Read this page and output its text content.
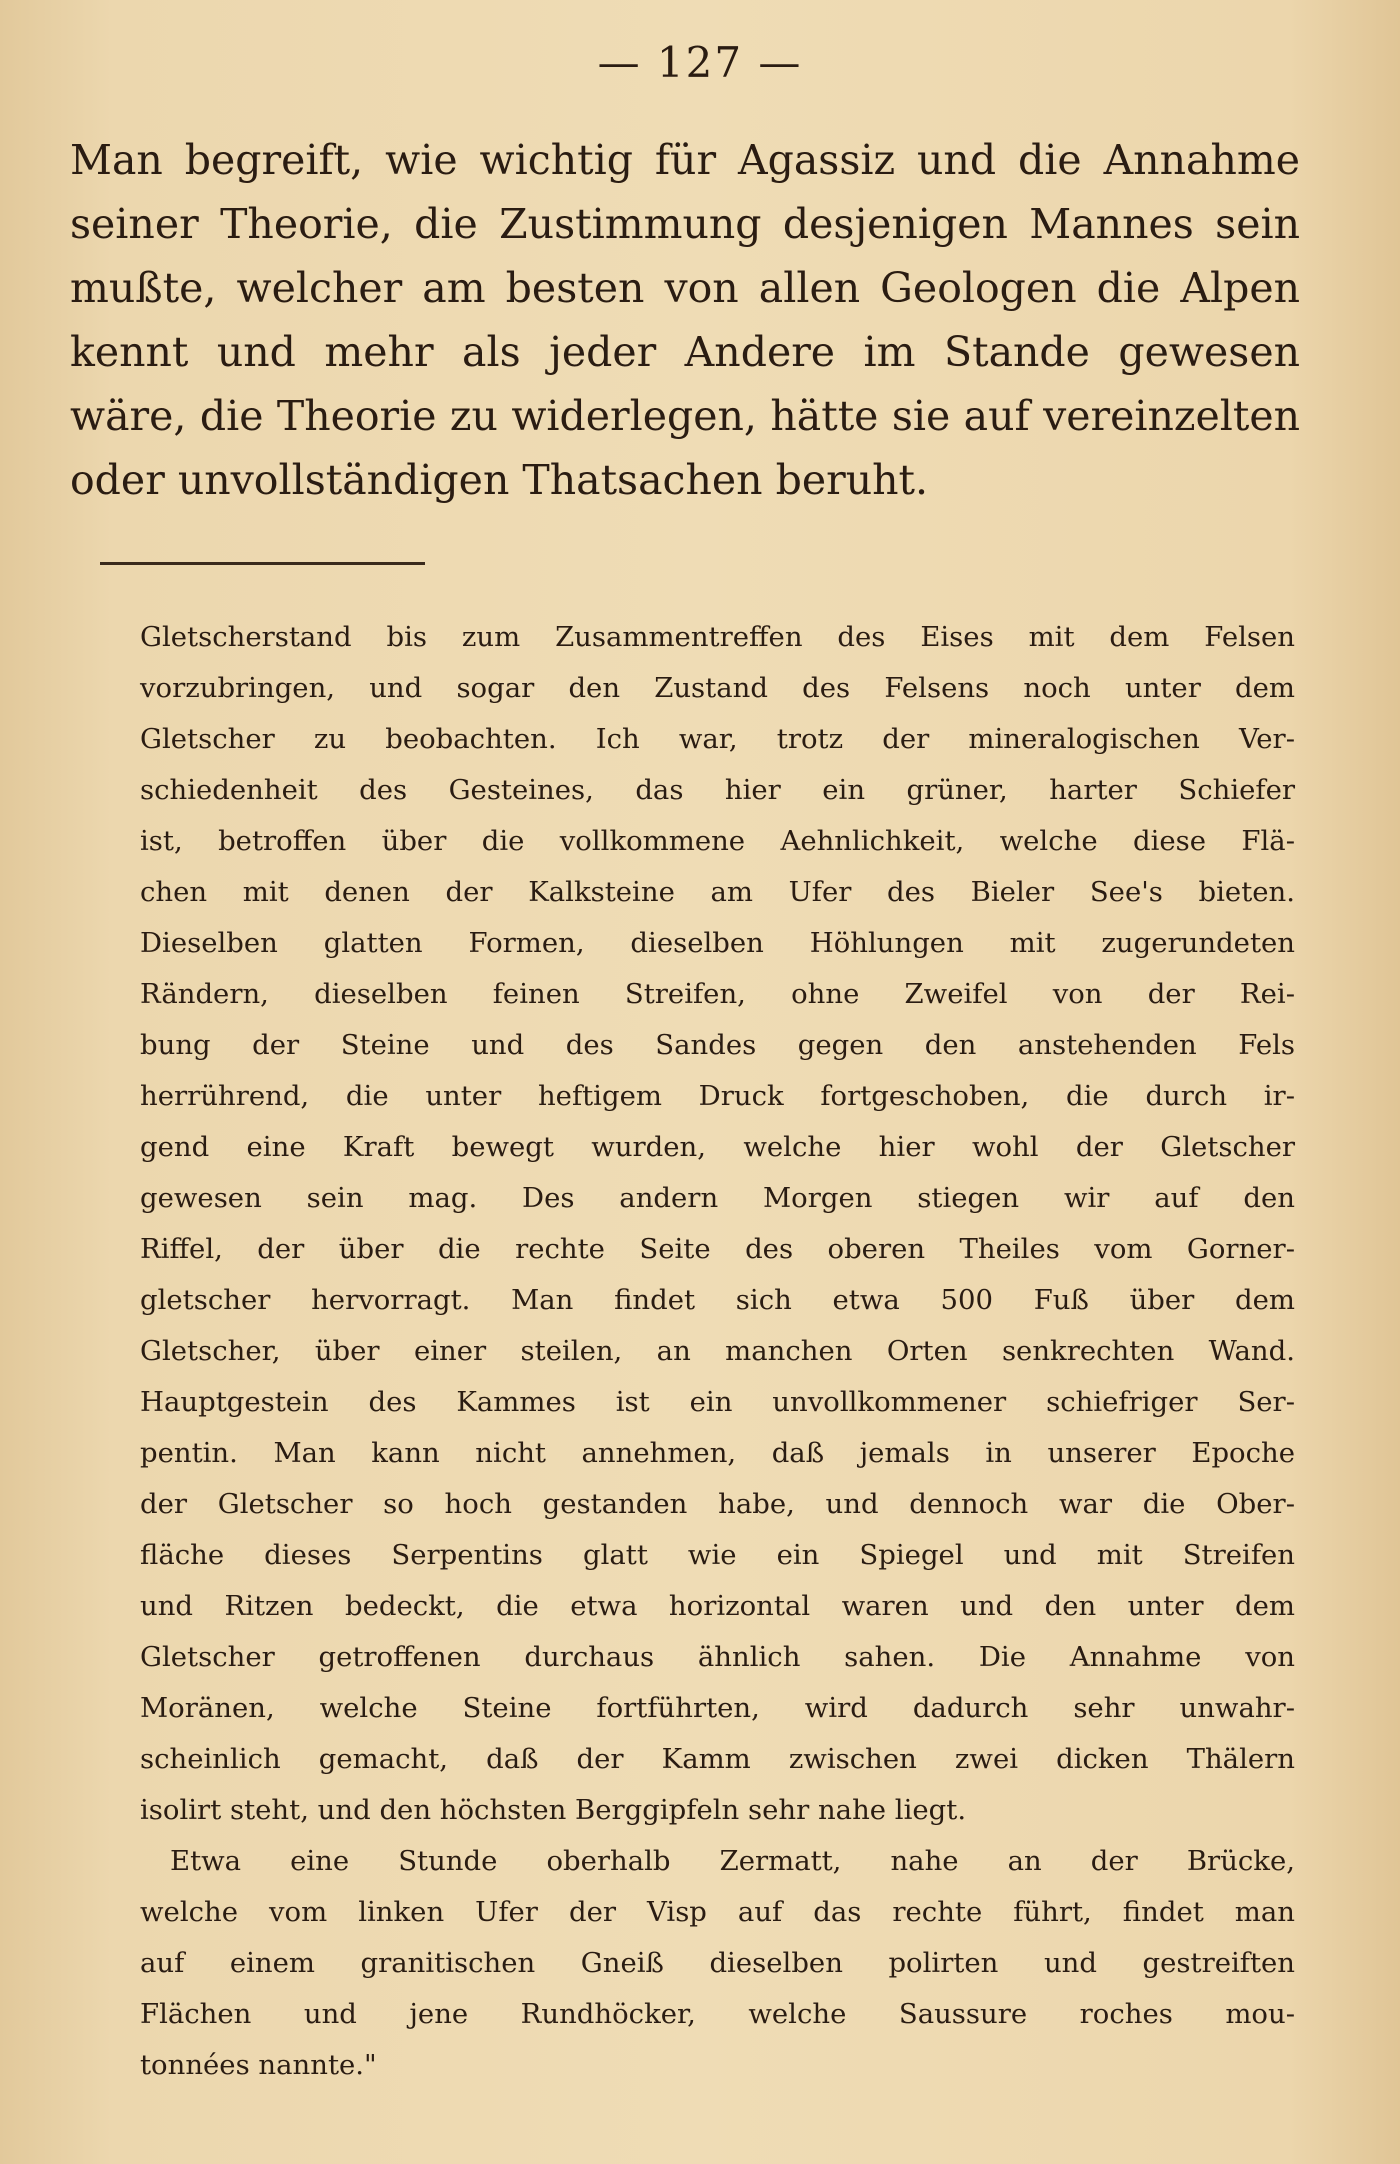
— 127 —
Man begreift, wie wichtig für Agassiz und die Annahme
seiner Theorie, die Zustimmung desjenigen Mannes sein
mußte, welcher am besten von allen Geologen die Alpen
kennt und mehr als jeder Andere im Stande gewesen
wäre, die Theorie zu widerlegen, hätte sie auf vereinzelten
oder unvollständigen Thatsachen beruht.
Gletscherstand bis zum Zusammentreffen des Eises mit dem Felsen
vorzubringen, und sogar den Zustand des Felsens noch unter dem
Gletscher zu beobachten. Ich war, trotz der mineralogischen Ver-
schiedenheit des Gesteines, das hier ein grüner, harter Schiefer
ist, betroffen über die vollkommene Aehnlichkeit, welche diese Flä-
chen mit denen der Kalksteine am Ufer des Bieler See's bieten.
Dieselben glatten Formen, dieselben Höhlungen mit zugerundeten
Rändern, dieselben feinen Streifen, ohne Zweifel von der Rei-
bung der Steine und des Sandes gegen den anstehenden Fels
herrührend, die unter heftigem Druck fortgeschoben, die durch ir-
gend eine Kraft bewegt wurden, welche hier wohl der Gletscher
gewesen sein mag. Des andern Morgen stiegen wir auf den
Riffel, der über die rechte Seite des oberen Theiles vom Gorner-
gletscher hervorragt. Man findet sich etwa 500 Fuß über dem
Gletscher, über einer steilen, an manchen Orten senkrechten Wand.
Hauptgestein des Kammes ist ein unvollkommener schiefriger Ser-
pentin. Man kann nicht annehmen, daß jemals in unserer Epoche
der Gletscher so hoch gestanden habe, und dennoch war die Ober-
fläche dieses Serpentins glatt wie ein Spiegel und mit Streifen
und Ritzen bedeckt, die etwa horizontal waren und den unter dem
Gletscher getroffenen durchaus ähnlich sahen. Die Annahme von
Moränen, welche Steine fortführten, wird dadurch sehr unwahr-
scheinlich gemacht, daß der Kamm zwischen zwei dicken Thälern
isolirt steht, und den höchsten Berggipfeln sehr nahe liegt.
Etwa eine Stunde oberhalb Zermatt, nahe an der Brücke,
welche vom linken Ufer der Visp auf das rechte führt, findet man
auf einem granitischen Gneiß dieselben polirten und gestreiften
Flächen und jene Rundhöcker, welche Saussure roches mou-
tonnées nannte."
